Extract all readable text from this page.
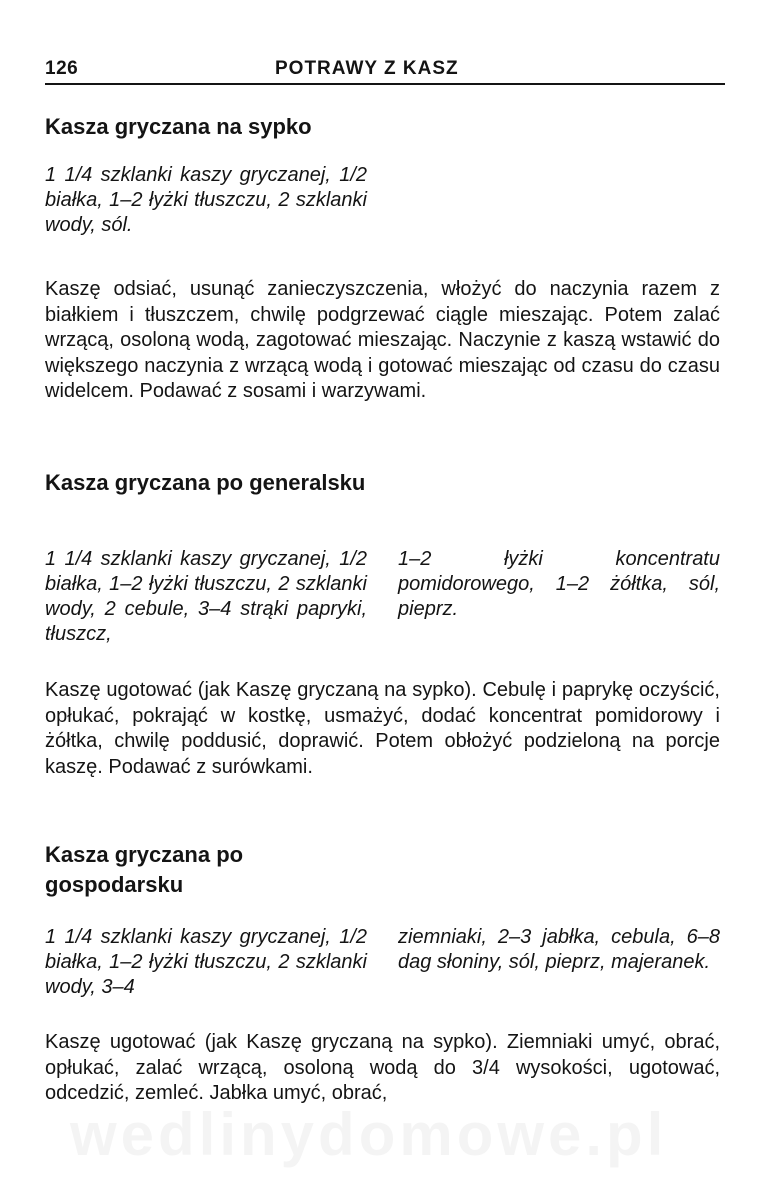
126	POTRAWY Z KASZ
Kasza gryczana na sypko

1 1/4 szklanki kaszy gryczanej, 1/2 białka, 1–2 łyżki tłuszczu, 2 szklanki wody, sól.

Kaszę odsiać, usunąć zanieczyszczenia, włożyć do naczynia razem z białkiem i tłuszczem, chwilę podgrzewać ciągle mieszając. Potem zalać wrzącą, osoloną wodą, zagotować mieszając. Naczynie z kaszą wstawić do większego naczynia z wrzącą wodą i gotować mieszając od czasu do czasu widelcem. Podawać z sosami i warzywami.

Kasza gryczana po generalsku

1 1/4 szklanki kaszy gryczanej, 1/2 białka, 1–2 łyżki tłuszczu, 2 szklanki wody, 2 cebule, 3–4 strąki papryki, tłuszcz,

1–2 łyżki koncentratu pomidorowego, 1–2 żółtka, sól, pieprz.

Kaszę ugotować (jak Kaszę gryczaną na sypko). Cebulę i paprykę oczyścić, opłukać, pokrająć w kostkę, usmażyć, dodać koncentrat pomidorowy i żółtka, chwilę poddusić, doprawić. Potem obłożyć podzieloną na porcje kaszę. Podawać z surówkami.

Kasza gryczana po gospodarsku

1 1/4 szklanki kaszy gryczanej, 1/2 białka, 1–2 łyżki tłuszczu, 2 szklanki wody, 3–4

ziemniaki, 2–3 jabłka, cebula, 6–8 dag słoniny, sól, pieprz, majeranek.

Kaszę ugotować (jak Kaszę gryczaną na sypko). Ziemniaki umyć, obrać, opłukać, zalać wrzącą, osoloną wodą do 3/4 wysokości, ugotować, odcedzić, zemleć. Jabłka umyć, obrać,
